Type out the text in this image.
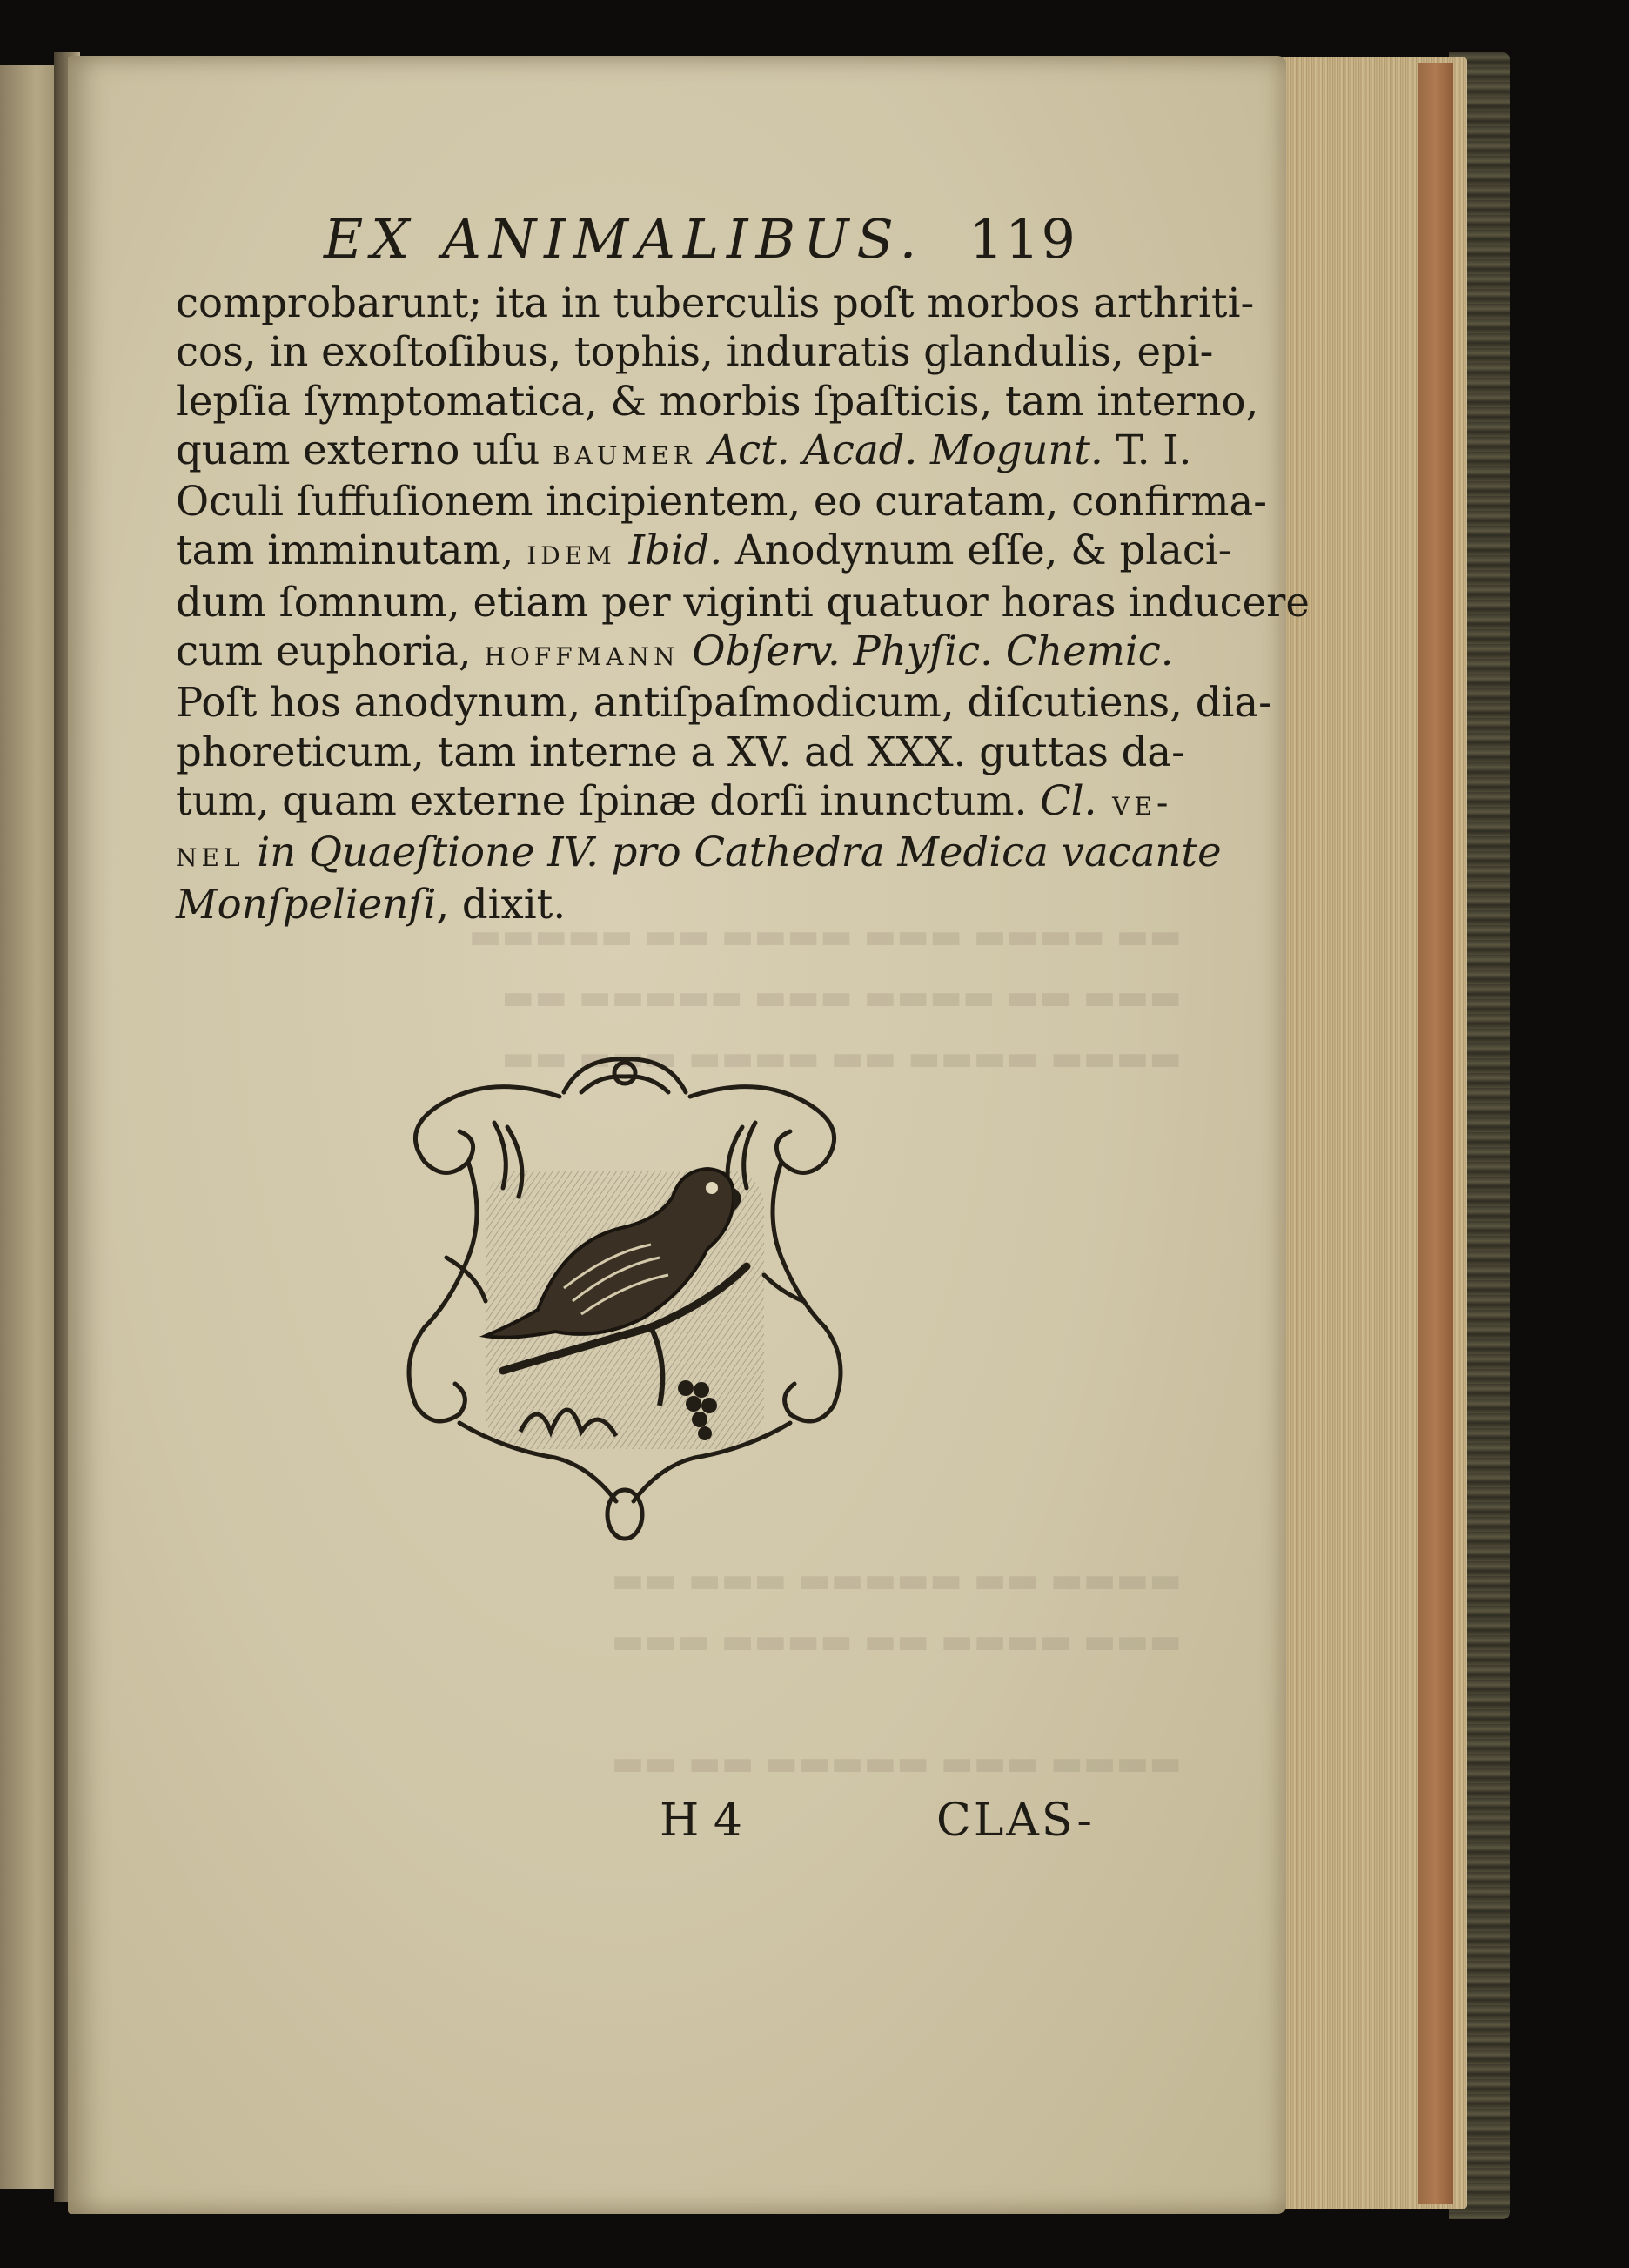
▬▬ ▬▬▬▬ ▬▬▬ ▬▬▬▬ ▬▬ ▬▬▬▬▬
▬▬▬ ▬▬ ▬▬▬▬ ▬▬▬ ▬▬▬▬▬ ▬▬
▬▬▬▬ ▬▬▬▬ ▬▬ ▬▬▬▬ ▬▬▬ ▬▬
▬▬▬▬ ▬▬ ▬▬▬▬▬ ▬▬▬ ▬▬
▬▬▬ ▬▬▬▬ ▬▬ ▬▬▬▬ ▬▬▬
▬▬▬▬ ▬▬▬ ▬▬▬▬▬ ▬▬ ▬▬
EX ANIMALIBUS. 119
comprobarunt; ita in tuberculis poſt morbos arthriti-
cos, in exoſtoſibus, tophis, induratis glandulis, epi-
lepſia ſymptomatica, & morbis ſpaſticis, tam interno,
quam externo uſu baumer Act. Acad. Mogunt. T. I.
Oculi ſuffuſionem incipientem, eo curatam, confirma-
tam imminutam, idem Ibid. Anodynum eſſe, & placi-
dum ſomnum, etiam per viginti quatuor horas inducere
cum euphoria, hoffmann Obſerv. Phyſic. Chemic.
Poſt hos anodynum, antiſpaſmodicum, diſcutiens, dia-
phoreticum, tam interne a XV. ad XXX. guttas da-
tum, quam externe ſpinæ dorſi inunctum. Cl. ve-
nel in Quaeſtione IV. pro Cathedra Medica vacante
Monſpelienſi, dixit.
H 4	CLAS-
